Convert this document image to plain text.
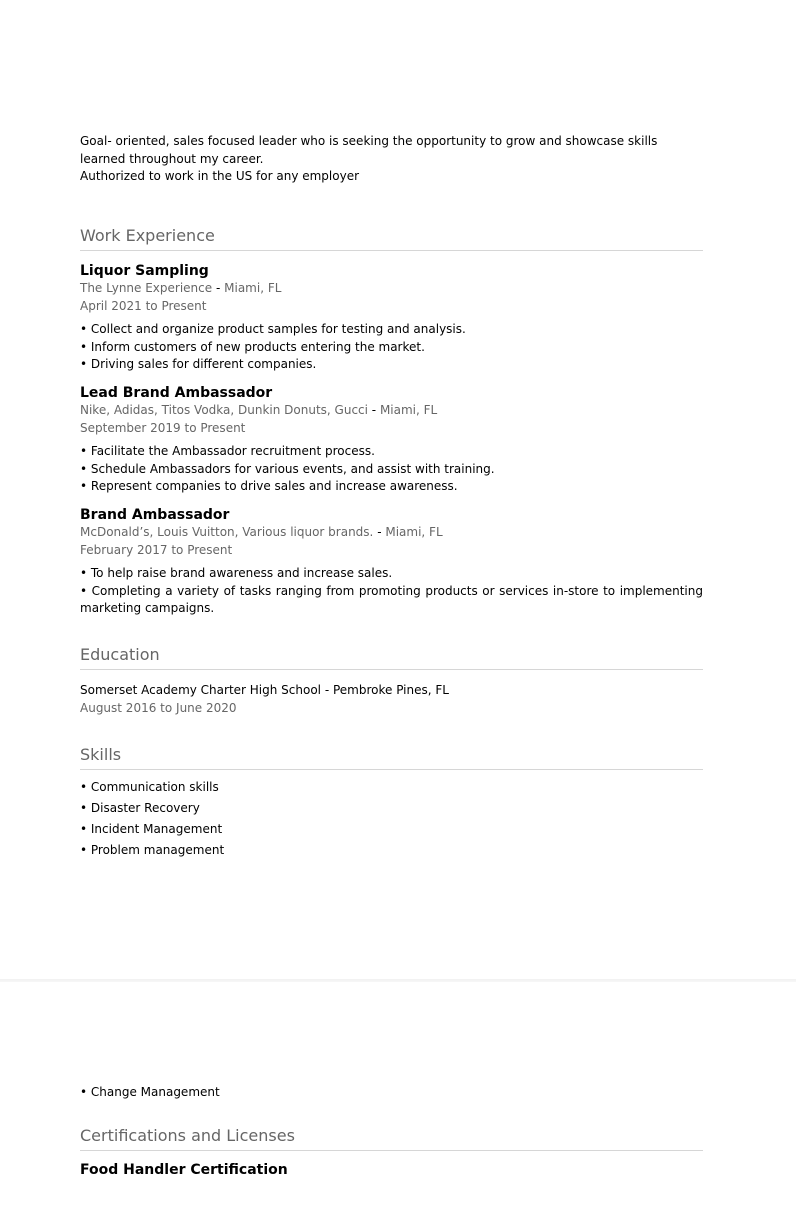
Goal- oriented, sales focused leader who is seeking the opportunity to grow and showcase skills learned throughout my career.

Authorized to work in the US for any employer

Work Experience
Liquor Sampling
The Lynne Experience - Miami, FL
April 2021 to Present
• Collect and organize product samples for testing and analysis.
• Inform customers of new products entering the market.
• Driving sales for different companies.
Lead Brand Ambassador
Nike, Adidas, Titos Vodka, Dunkin Donuts, Gucci - Miami, FL
September 2019 to Present
• Facilitate the Ambassador recruitment process.
• Schedule Ambassadors for various events, and assist with training.
• Represent companies to drive sales and increase awareness.
Brand Ambassador
McDonald’s, Louis Vuitton, Various liquor brands. - Miami, FL
February 2017 to Present
• To help raise brand awareness and increase sales.
• Completing a variety of tasks ranging from promoting products or services in-store to implementing marketing campaigns.
Education
Somerset Academy Charter High School - Pembroke Pines, FL
August 2016 to June 2020
Skills
• Communication skills
• Disaster Recovery
• Incident Management
• Problem management
• Change Management
Certifications and Licenses
Food Handler Certification
